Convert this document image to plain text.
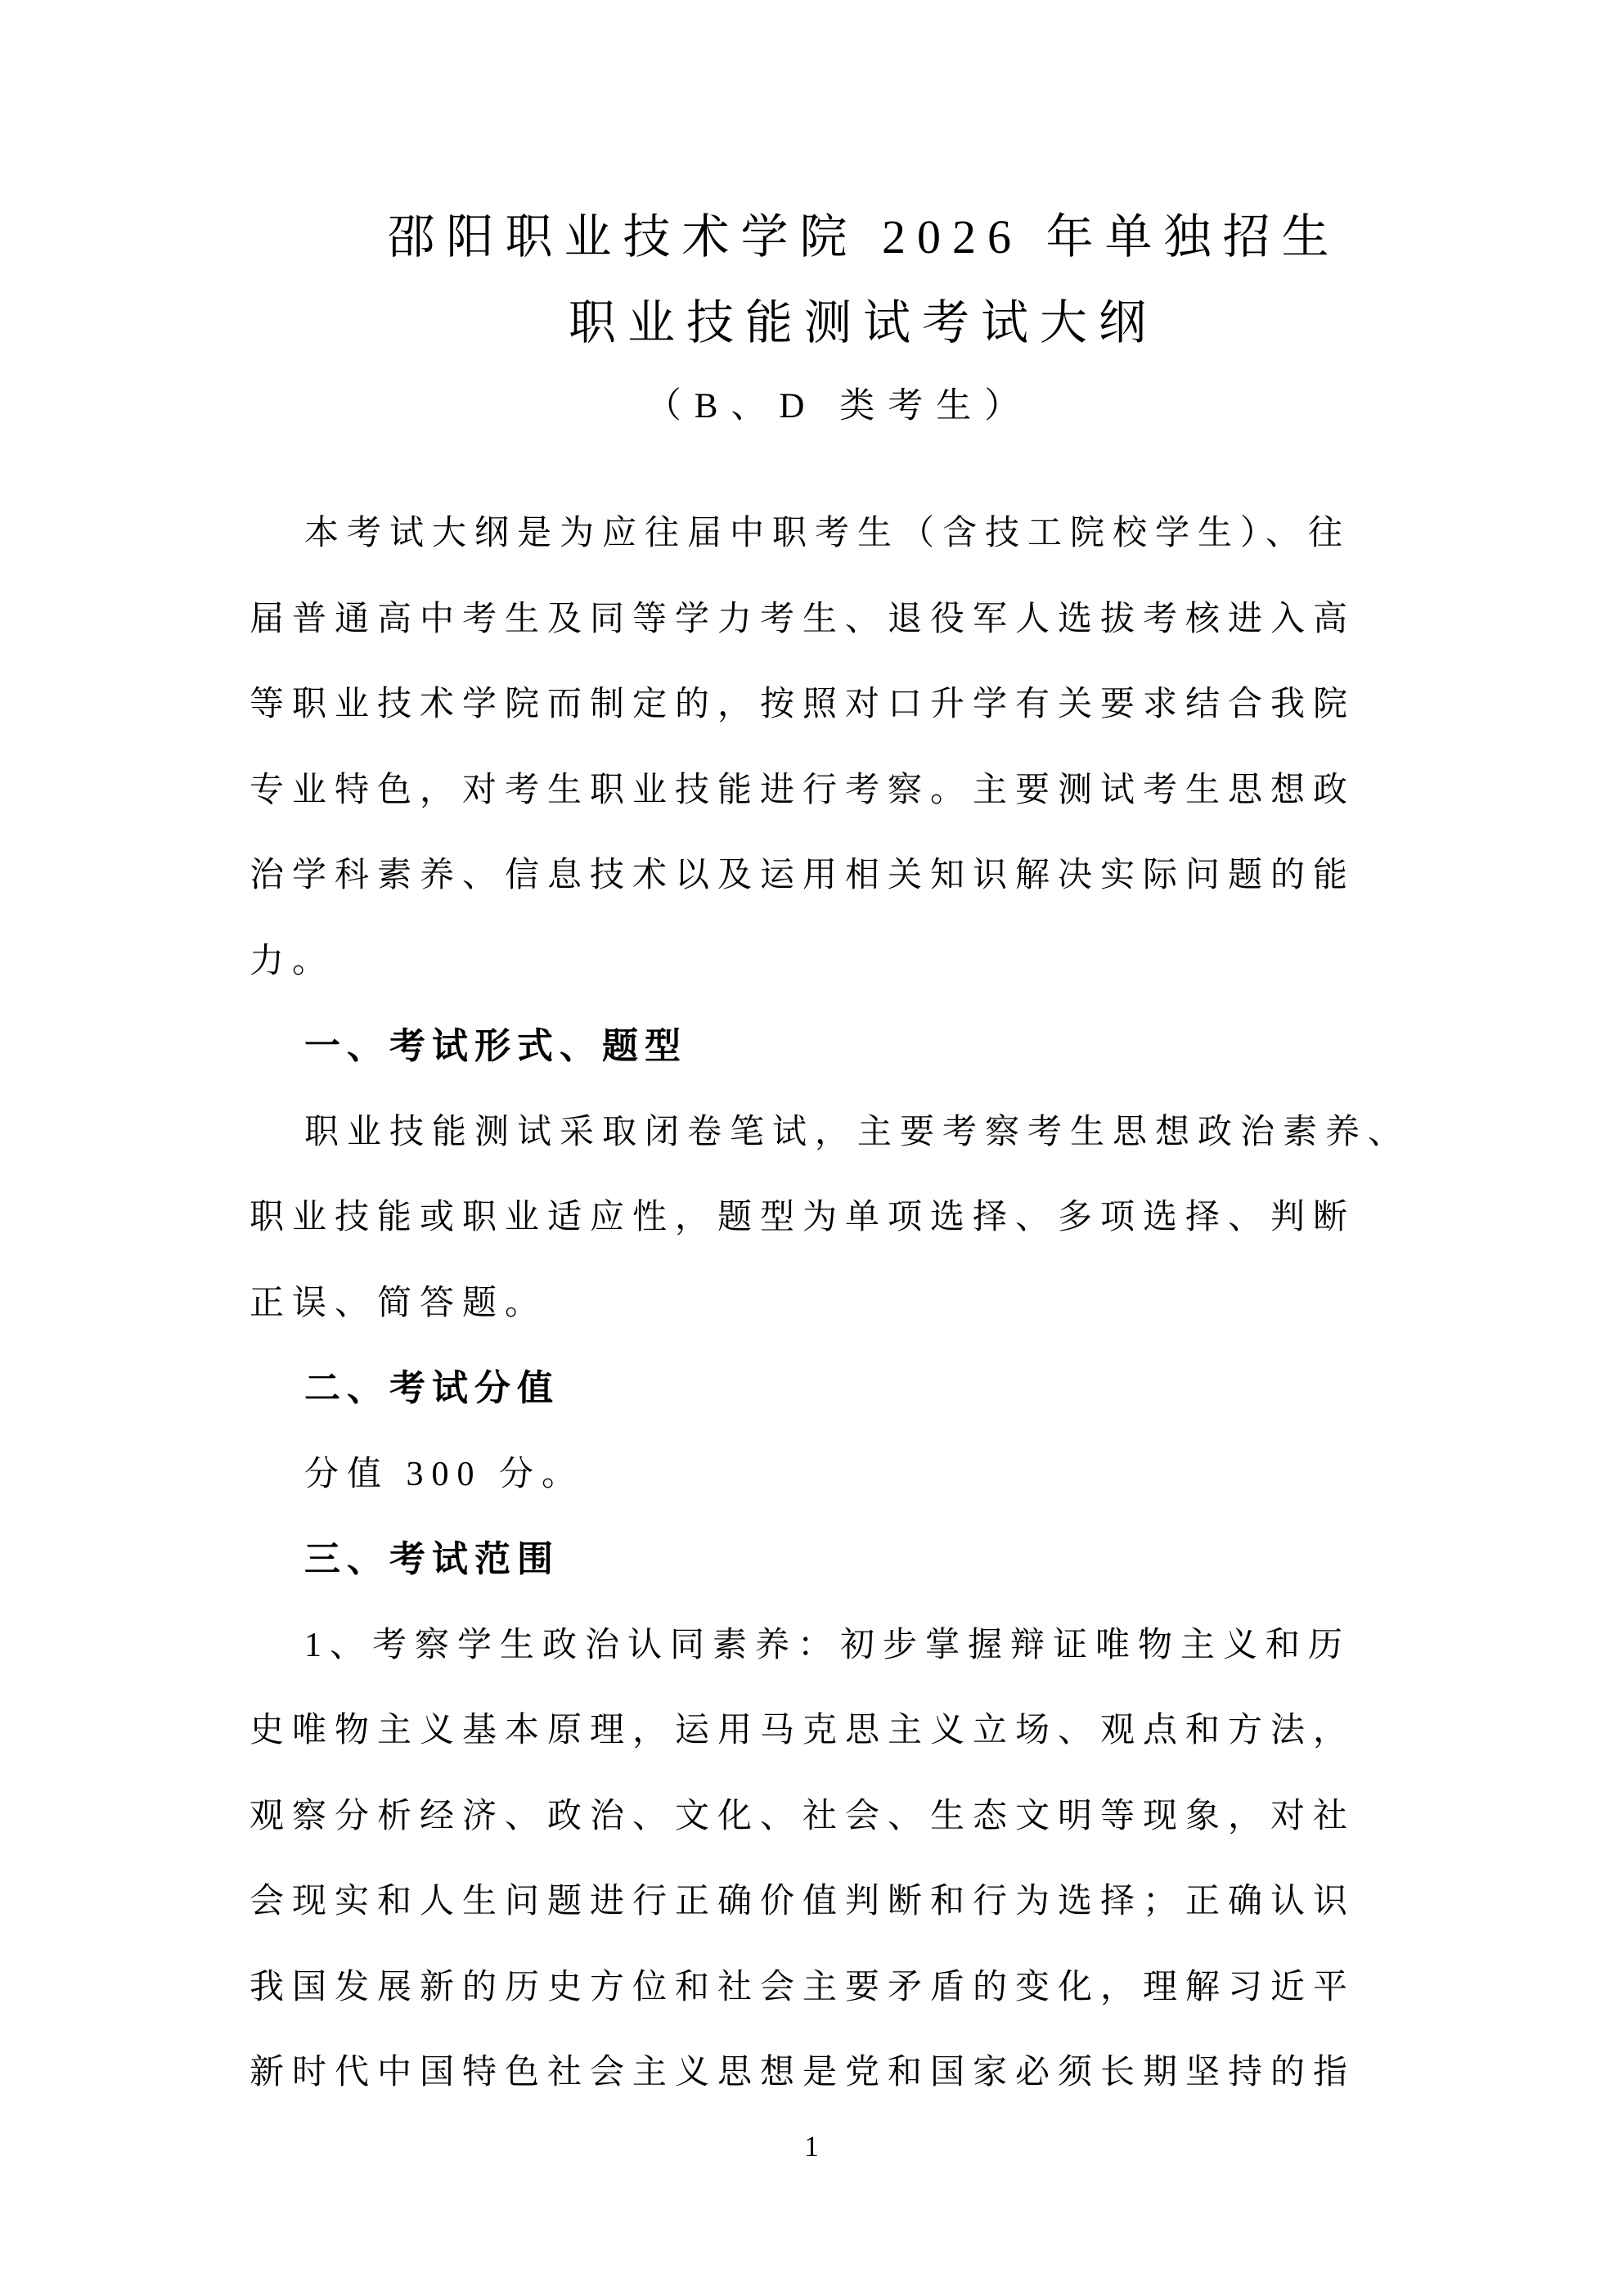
邵阳职业技术学院 2026 年单独招生
职业技能测试考试大纲
（B、D 类考生）
本考试大纲是为应往届中职考生（含技工院校学生）、往
届普通高中考生及同等学力考生、退役军人选拔考核进入高
等职业技术学院而制定的，按照对口升学有关要求结合我院
专业特色，对考生职业技能进行考察。主要测试考生思想政
治学科素养、信息技术以及运用相关知识解决实际问题的能
力。
一、考试形式、题型
职业技能测试采取闭卷笔试，主要考察考生思想政治素养、
职业技能或职业适应性，题型为单项选择、多项选择、判断
正误、简答题。
二、考试分值
分值 300 分。
三、考试范围
1、考察学生政治认同素养：初步掌握辩证唯物主义和历
史唯物主义基本原理，运用马克思主义立场、观点和方法，
观察分析经济、政治、文化、社会、生态文明等现象，对社
会现实和人生问题进行正确价值判断和行为选择；正确认识
我国发展新的历史方位和社会主要矛盾的变化，理解习近平
新时代中国特色社会主义思想是党和国家必须长期坚持的指
1
